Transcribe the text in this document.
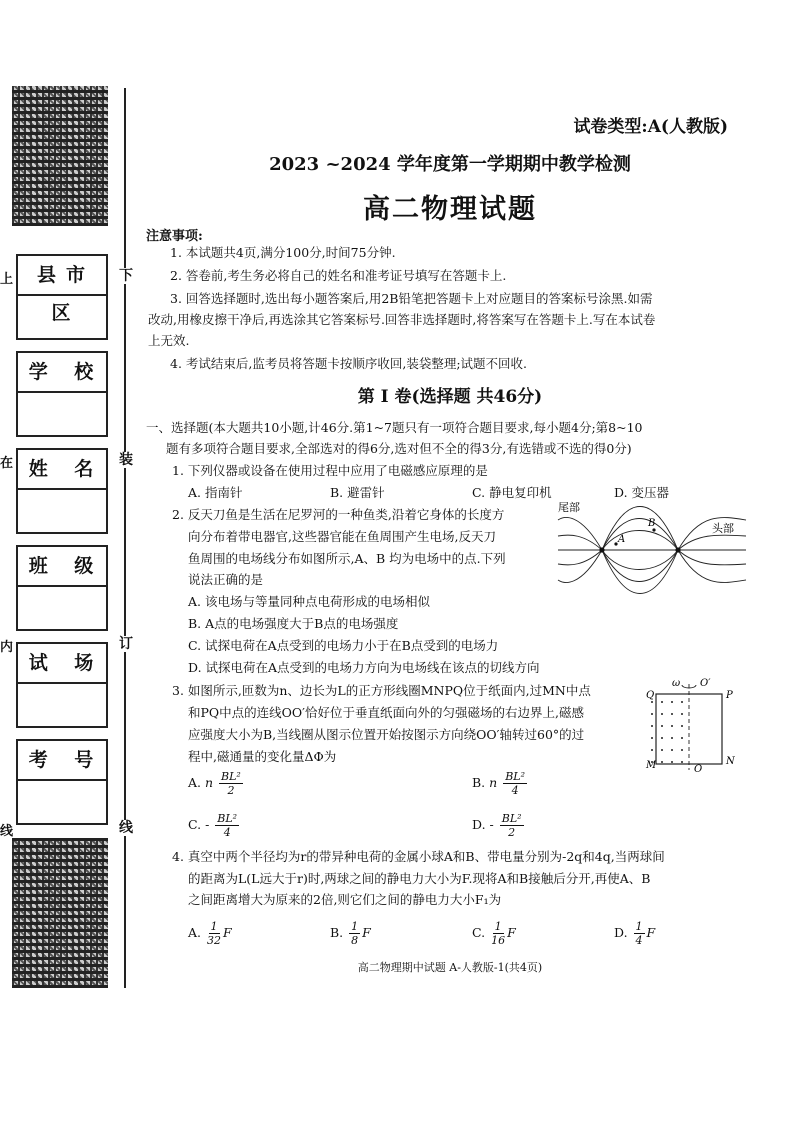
下
装
订
线
上
在
内
线
县市区
学 校
姓 名
班 级
试 场
考 号
试卷类型:A(人教版)
2023 ~2024 学年度第一学期期中教学检测
高二物理试题
注意事项:
1. 本试题共4页,满分100分,时间75分钟.
2. 答卷前,考生务必将自己的姓名和准考证号填写在答题卡上.
3. 回答选择题时,选出每小题答案后,用2B铅笔把答题卡上对应题目的答案标号涂黑.如需
改动,用橡皮擦干净后,再选涂其它答案标号.回答非选择题时,将答案写在答题卡上.写在本试卷
上无效.
4. 考试结束后,监考员将答题卡按顺序收回,装袋整理;试题不回收.
第 Ⅰ 卷(选择题 共46分)
一、选择题(本大题共10小题,计46分.第1~7题只有一项符合题目要求,每小题4分;第8~10
题有多项符合题目要求,全部选对的得6分,选对但不全的得3分,有选错或不选的得0分)
1. 下列仪器或设备在使用过程中应用了电磁感应原理的是
A. 指南针	B. 避雷针	C. 静电复印机	D. 变压器
2. 反天刀鱼是生活在尼罗河的一种鱼类,沿着它身体的长度方
向分布着带电器官,这些器官能在鱼周围产生电场,反天刀
鱼周围的电场线分布如图所示,A、B 均为电场中的点.下列
说法正确的是
A. 该电场与等量同种点电荷形成的电场相似
B. A点的电场强度大于B点的电场强度
C. 试探电荷在A点受到的电场力小于在B点受到的电场力
D. 试探电荷在A点受到的电场力方向为电场线在该点的切线方向
尾部
头部
A
B
3. 如图所示,匝数为n、边长为L的正方形线圈MNPQ位于纸面内,过MN中点
和PQ中点的连线OO′恰好位于垂直纸面向外的匀强磁场的右边界上,磁感
应强度大小为B,当线圈从图示位置开始按图示方向绕OO′轴转过60°的过
程中,磁通量的变化量ΔΦ为
ω O′
Q	P
M	N
O
A. n $\frac{\text{BL²}}{2}$	B. n $\frac{\text{BL²}}{4}$
C. - $\frac{\text{BL²}}{4}$	D. - $\frac{\text{BL²}}{2}$
4. 真空中两个半径均为r的带异种电荷的金属小球A和B、带电量分别为-2q和4q,当两球间
的距离为L(L远大于r)时,两球之间的静电力大小为F.现将A和B接触后分开,再使A、B
之间距离增大为原来的2倍,则它们之间的静电力大小F₁为
A. $\frac{1}{32}$ F	B. $\frac{1}{8}$ F	C. $\frac{1}{16}$ F	D. $\frac{1}{4}$ F
高二物理期中试题 A-人教版-1(共4页)
